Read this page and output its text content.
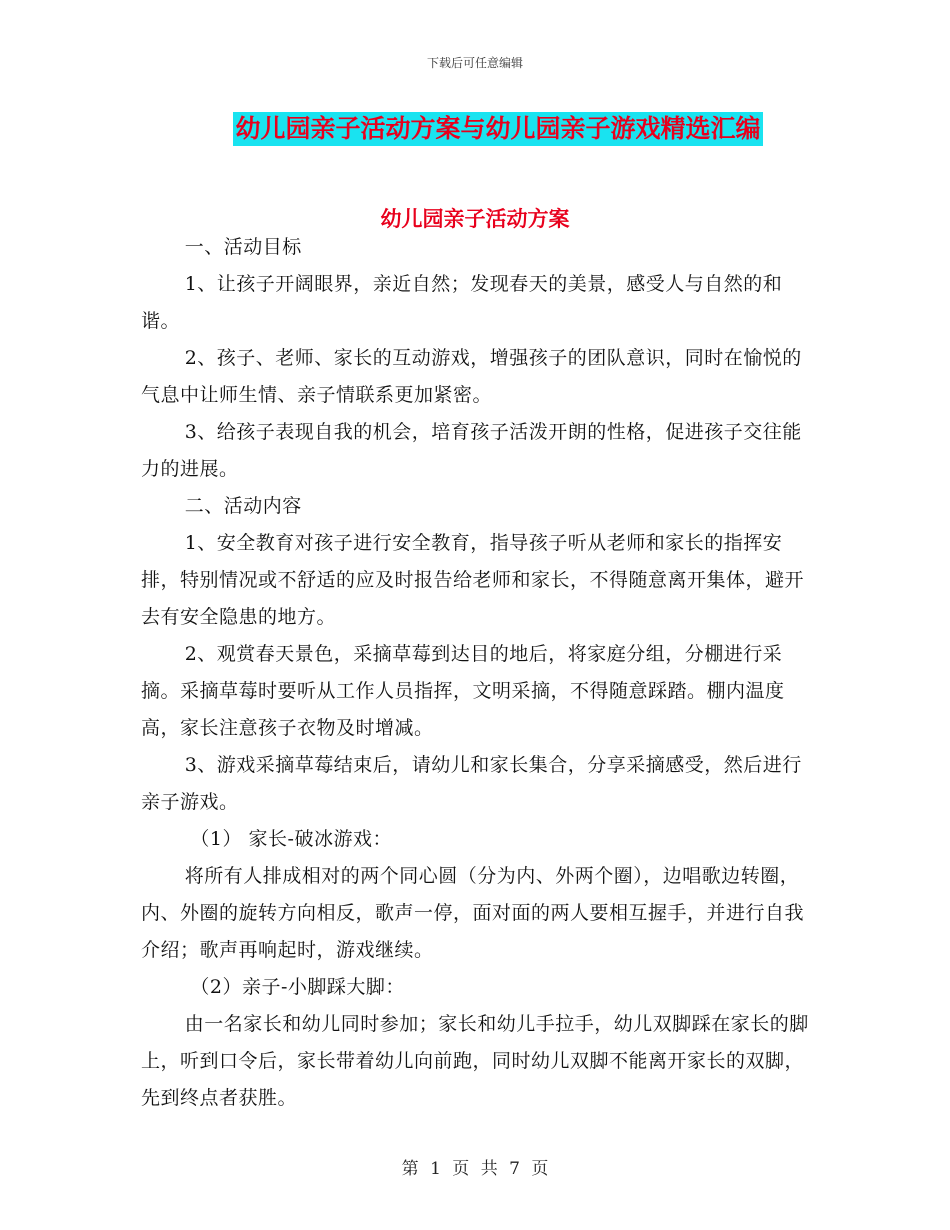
下载后可任意编辑
幼儿园亲子活动方案与幼儿园亲子游戏精选汇编
幼儿园亲子活动方案

一、活动目标

1、让孩子开阔眼界，亲近自然；发现春天的美景，感受人与自然的和谐。

2、孩子、老师、家长的互动游戏，增强孩子的团队意识，同时在愉悦的气息中让师生情、亲子情联系更加紧密。

3、给孩子表现自我的机会，培育孩子活泼开朗的性格，促进孩子交往能力的进展。

二、活动内容

1、安全教育对孩子进行安全教育，指导孩子听从老师和家长的指挥安排，特别情况或不舒适的应及时报告给老师和家长，不得随意离开集体，避开去有安全隐患的地方。

2、观赏春天景色，采摘草莓到达目的地后，将家庭分组，分棚进行采摘。采摘草莓时要听从工作人员指挥，文明采摘，不得随意踩踏。棚内温度高，家长注意孩子衣物及时增减。

3、游戏采摘草莓结束后，请幼儿和家长集合，分享采摘感受，然后进行亲子游戏。

（1） 家长-破冰游戏：

将所有人排成相对的两个同心圆（分为内、外两个圈），边唱歌边转圈，内、外圈的旋转方向相反，歌声一停，面对面的两人要相互握手，并进行自我介绍；歌声再响起时，游戏继续。

（2）亲子-小脚踩大脚：

由一名家长和幼儿同时参加；家长和幼儿手拉手，幼儿双脚踩在家长的脚上，听到口令后，家长带着幼儿向前跑，同时幼儿双脚不能离开家长的双脚，先到终点者获胜。

第 1 页 共 7 页
